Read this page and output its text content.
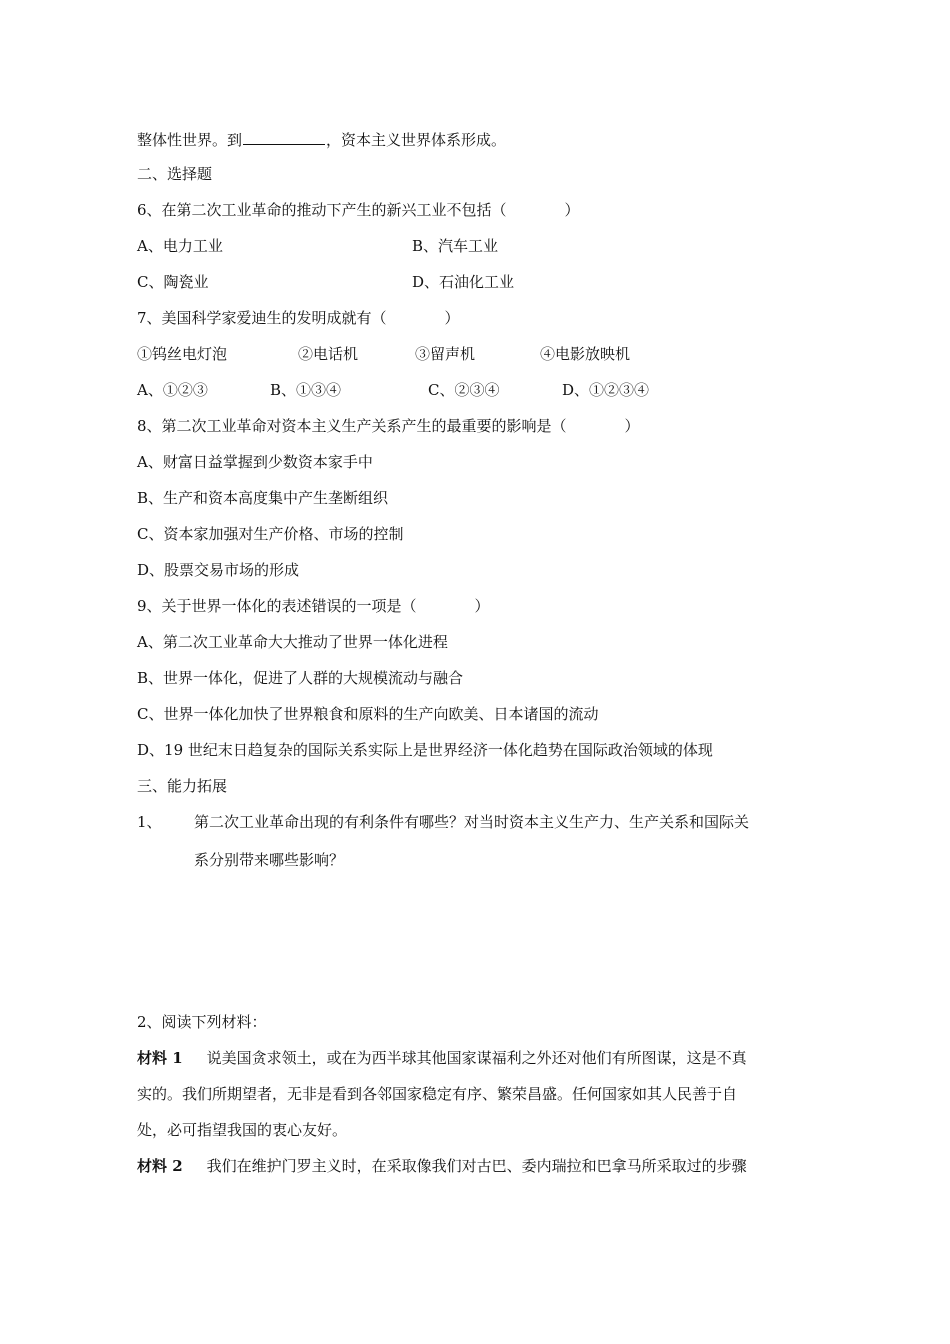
整体性世界。到	，资本主义世界体系形成。
二、选择题
6、在第二次工业革命的推动下产生的新兴工业不包括（	）
A、电力工业	B、汽车工业
C、陶瓷业	D、石油化工业
7、美国科学家爱迪生的发明成就有（	）
①钨丝电灯泡	②电话机	③留声机	④电影放映机
A、①②③	B、①③④	C、②③④	D、①②③④
8、第二次工业革命对资本主义生产关系产生的最重要的影响是（	）
A、财富日益掌握到少数资本家手中
B、生产和资本高度集中产生垄断组织
C、资本家加强对生产价格、市场的控制
D、股票交易市场的形成
9、关于世界一体化的表述错误的一项是（	）
A、第二次工业革命大大推动了世界一体化进程
B、世界一体化，促进了人群的大规模流动与融合
C、世界一体化加快了世界粮食和原料的生产向欧美、日本诸国的流动
D、19 世纪末日趋复杂的国际关系实际上是世界经济一体化趋势在国际政治领域的体现
三、能力拓展
1、 第二次工业革命出现的有利条件有哪些？对当时资本主义生产力、生产关系和国际关
系分别带来哪些影响？
2、阅读下列材料：
材料 1 说美国贪求领土，或在为西半球其他国家谋福利之外还对他们有所图谋，这是不真
实的。我们所期望者，无非是看到各邻国家稳定有序、繁荣昌盛。任何国家如其人民善于自
处，必可指望我国的衷心友好。
材料 2 我们在维护门罗主义时，在采取像我们对古巴、委内瑞拉和巴拿马所采取过的步骤
